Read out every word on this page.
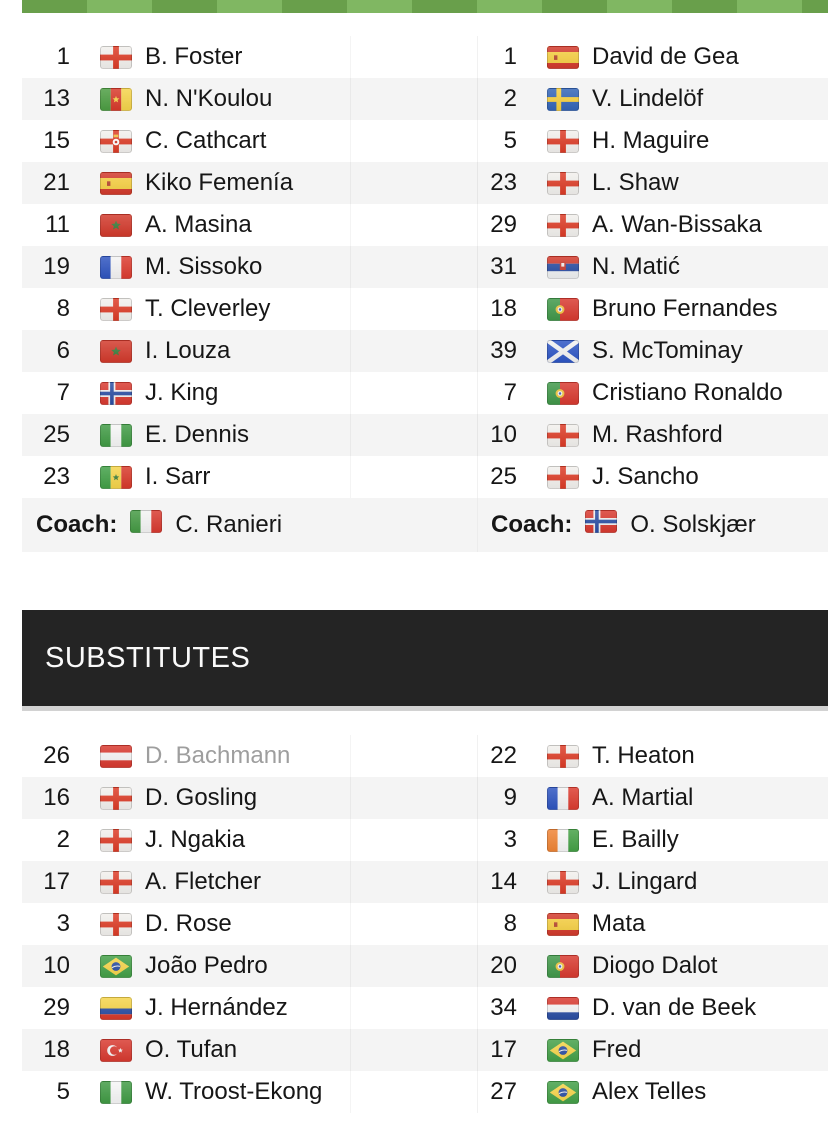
1	B. Foster	1	David de Gea
13	N. N'Koulou	2	V. Lindelöf
15	C. Cathcart	5	H. Maguire
21	Kiko Femenía	23	L. Shaw
11	A. Masina	29	A. Wan-Bissaka
19	M. Sissoko	31	N. Matić
8	T. Cleverley	18	Bruno Fernandes
6	I. Louza	39	S. McTominay
7	J. King	7	Cristiano Ronaldo
25	E. Dennis	10	M. Rashford
23	I. Sarr	25	J. Sancho
Coach: C. Ranieri	Coach: O. Solskjær
SUBSTITUTES
26	D. Bachmann	22	T. Heaton
16	D. Gosling	9	A. Martial
2	J. Ngakia	3	E. Bailly
17	A. Fletcher	14	J. Lingard
3	D. Rose	8	Mata
10	João Pedro	20	Diogo Dalot
29	J. Hernández	34	D. van de Beek
18	O. Tufan	17	Fred
5	W. Troost-Ekong	27	Alex Telles
